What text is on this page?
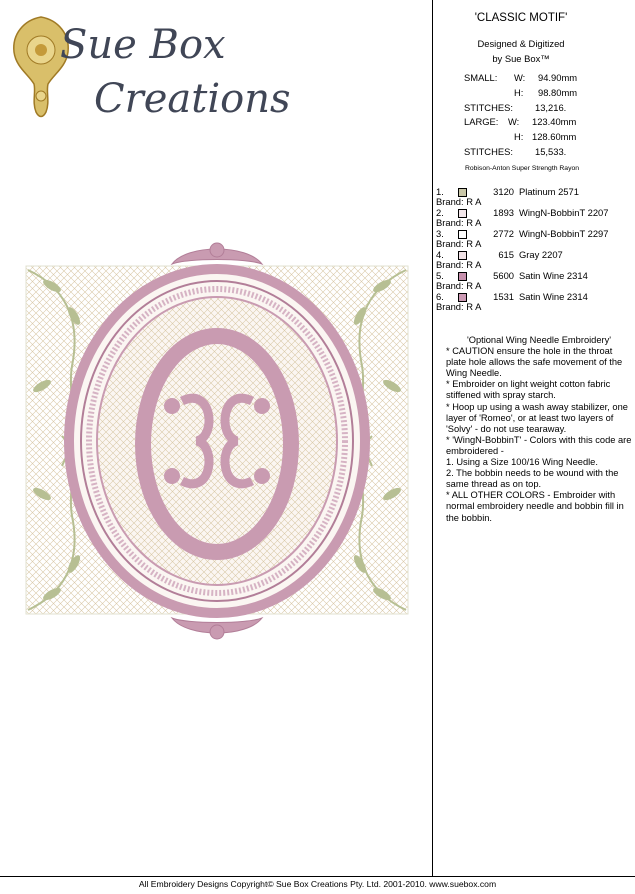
Sue Box
Creations
'CLASSIC MOTIF'
Designed & Digitized
by Sue Box™
SMALL: W: 94.90mm
H: 98.80mm
STITCHES: 13,216.
LARGE: W: 123.40mm
H: 128.60mm
STITCHES: 15,533.
Robison-Anton Super Strength Rayon
1.	3120 Platinum 2571
Brand: R A
2.	1893 WingN-BobbinT 2207
Brand: R A
3.	2772 WingN-BobbinT 2297
Brand: R A
4.	615 Gray 2207
Brand: R A
5.	5600 Satin Wine 2314
Brand: R A
6.	1531 Satin Wine 2314
Brand: R A
'Optional Wing Needle Embroidery'
* CAUTION ensure the hole in the throat plate hole allows the safe movement of the Wing Needle.
* Embroider on light weight cotton fabric stiffened with spray starch.
* Hoop up using a wash away stabilizer, one layer of 'Romeo', or at least two layers of 'Solvy' - do not use tearaway.
* 'WingN-BobbinT' - Colors with this code are embroidered -
1. Using a Size 100/16 Wing Needle.
2. The bobbin needs to be wound with the same thread as on top.
* ALL OTHER COLORS - Embroider with normal embroidery needle and bobbin fill in the bobbin.
All Embroidery Designs Copyright© Sue Box Creations Pty. Ltd. 2001-2010. www.suebox.com
